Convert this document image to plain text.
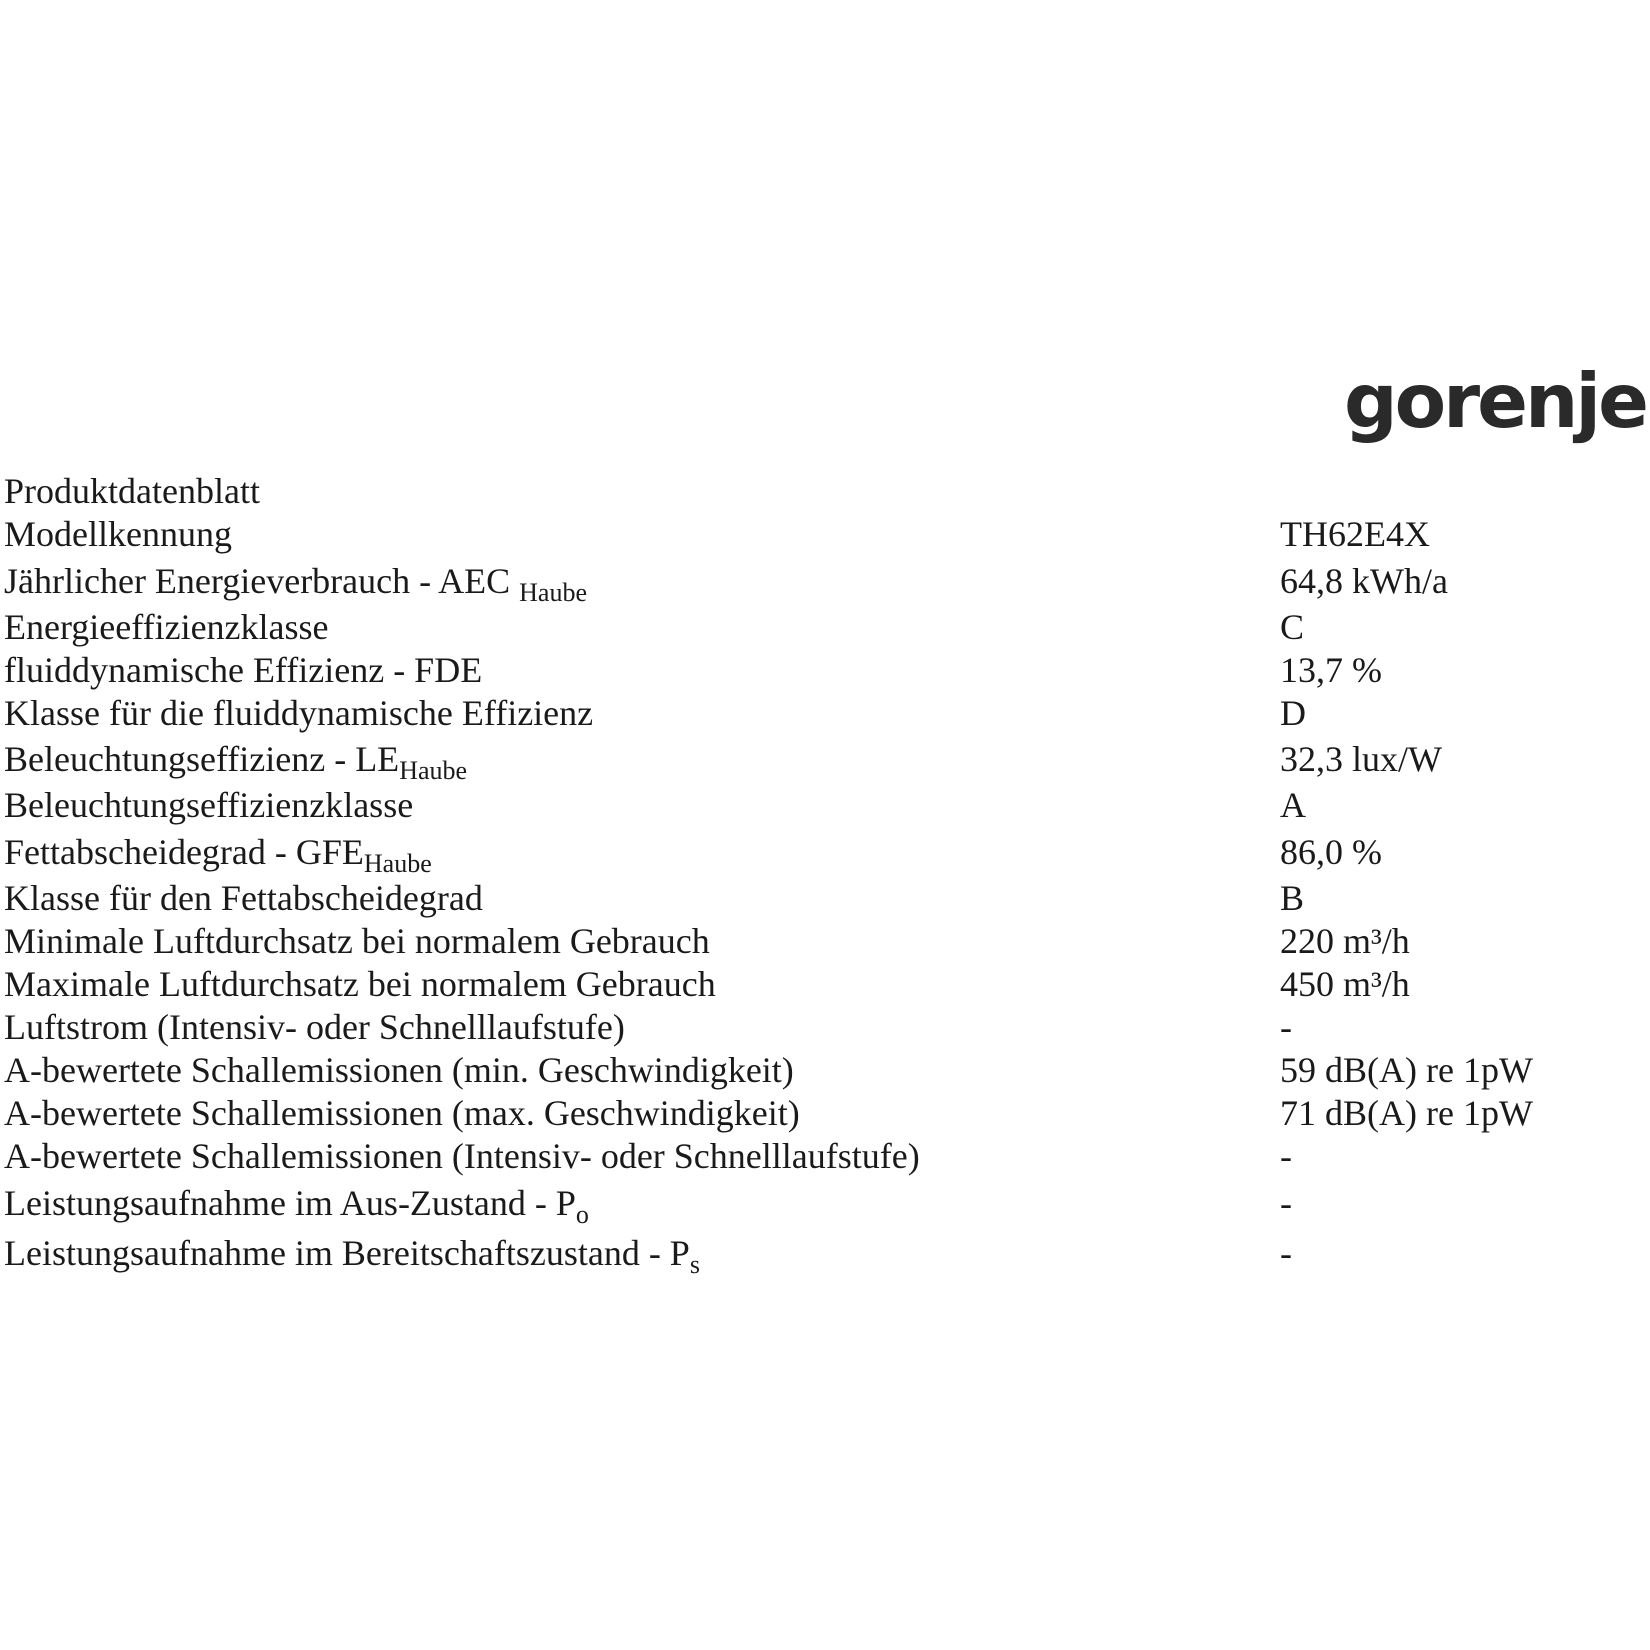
gorenje
Produktdatenblatt
Modellkennung	TH62E4X
Jährlicher Energieverbrauch - AEC $_{Haube}$	64,8 kWh/a
Energieeffizienzklasse	C
fluiddynamische Effizienz - FDE	13,7 %
Klasse für die fluiddynamische Effizienz	D
Beleuchtungseffizienz - $LE_{Haube}$	32,3 lux/W
Beleuchtungseffizienzklasse	A
Fettabscheidegrad - $GFE_{Haube}$	86,0 %
Klasse für den Fettabscheidegrad	B
Minimale Luftdurchsatz bei normalem Gebrauch	220 m³/h
Maximale Luftdurchsatz bei normalem Gebrauch	450 m³/h
Luftstrom (Intensiv- oder Schnelllaufstufe)	-
A-bewertete Schallemissionen (min. Geschwindigkeit)	59 dB(A) re 1pW
A-bewertete Schallemissionen (max. Geschwindigkeit)	71 dB(A) re 1pW
A-bewertete Schallemissionen (Intensiv- oder Schnelllaufstufe)	-
Leistungsaufnahme im $Aus-Zustand - P_o$	-
Leistungsaufnahme im Bereitschaftszustand - $P_s$	-
